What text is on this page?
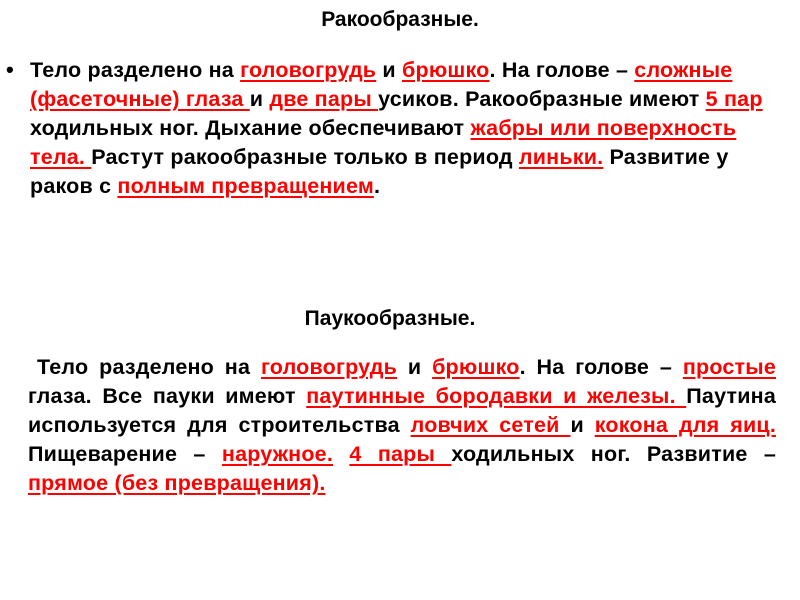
Ракообразные.
• Тело разделено на головогрудь и брюшко. На голове – сложные (фасеточные) глаза и две пары усиков. Ракообразные имеют 5 пар ходильных ног. Дыхание обеспечивают жабры или поверхность тела. Растут ракообразные только в период линьки. Развитие у раков с полным превращением.
Паукообразные.
Тело разделено на головогрудь и брюшко. На голове – простые глаза. Все пауки имеют паутинные бородавки и железы. Паутина используется для строительства ловчих сетей и кокона для яиц. Пищеварение – наружное. 4 пары ходильных ног. Развитие – прямое (без превращения).
